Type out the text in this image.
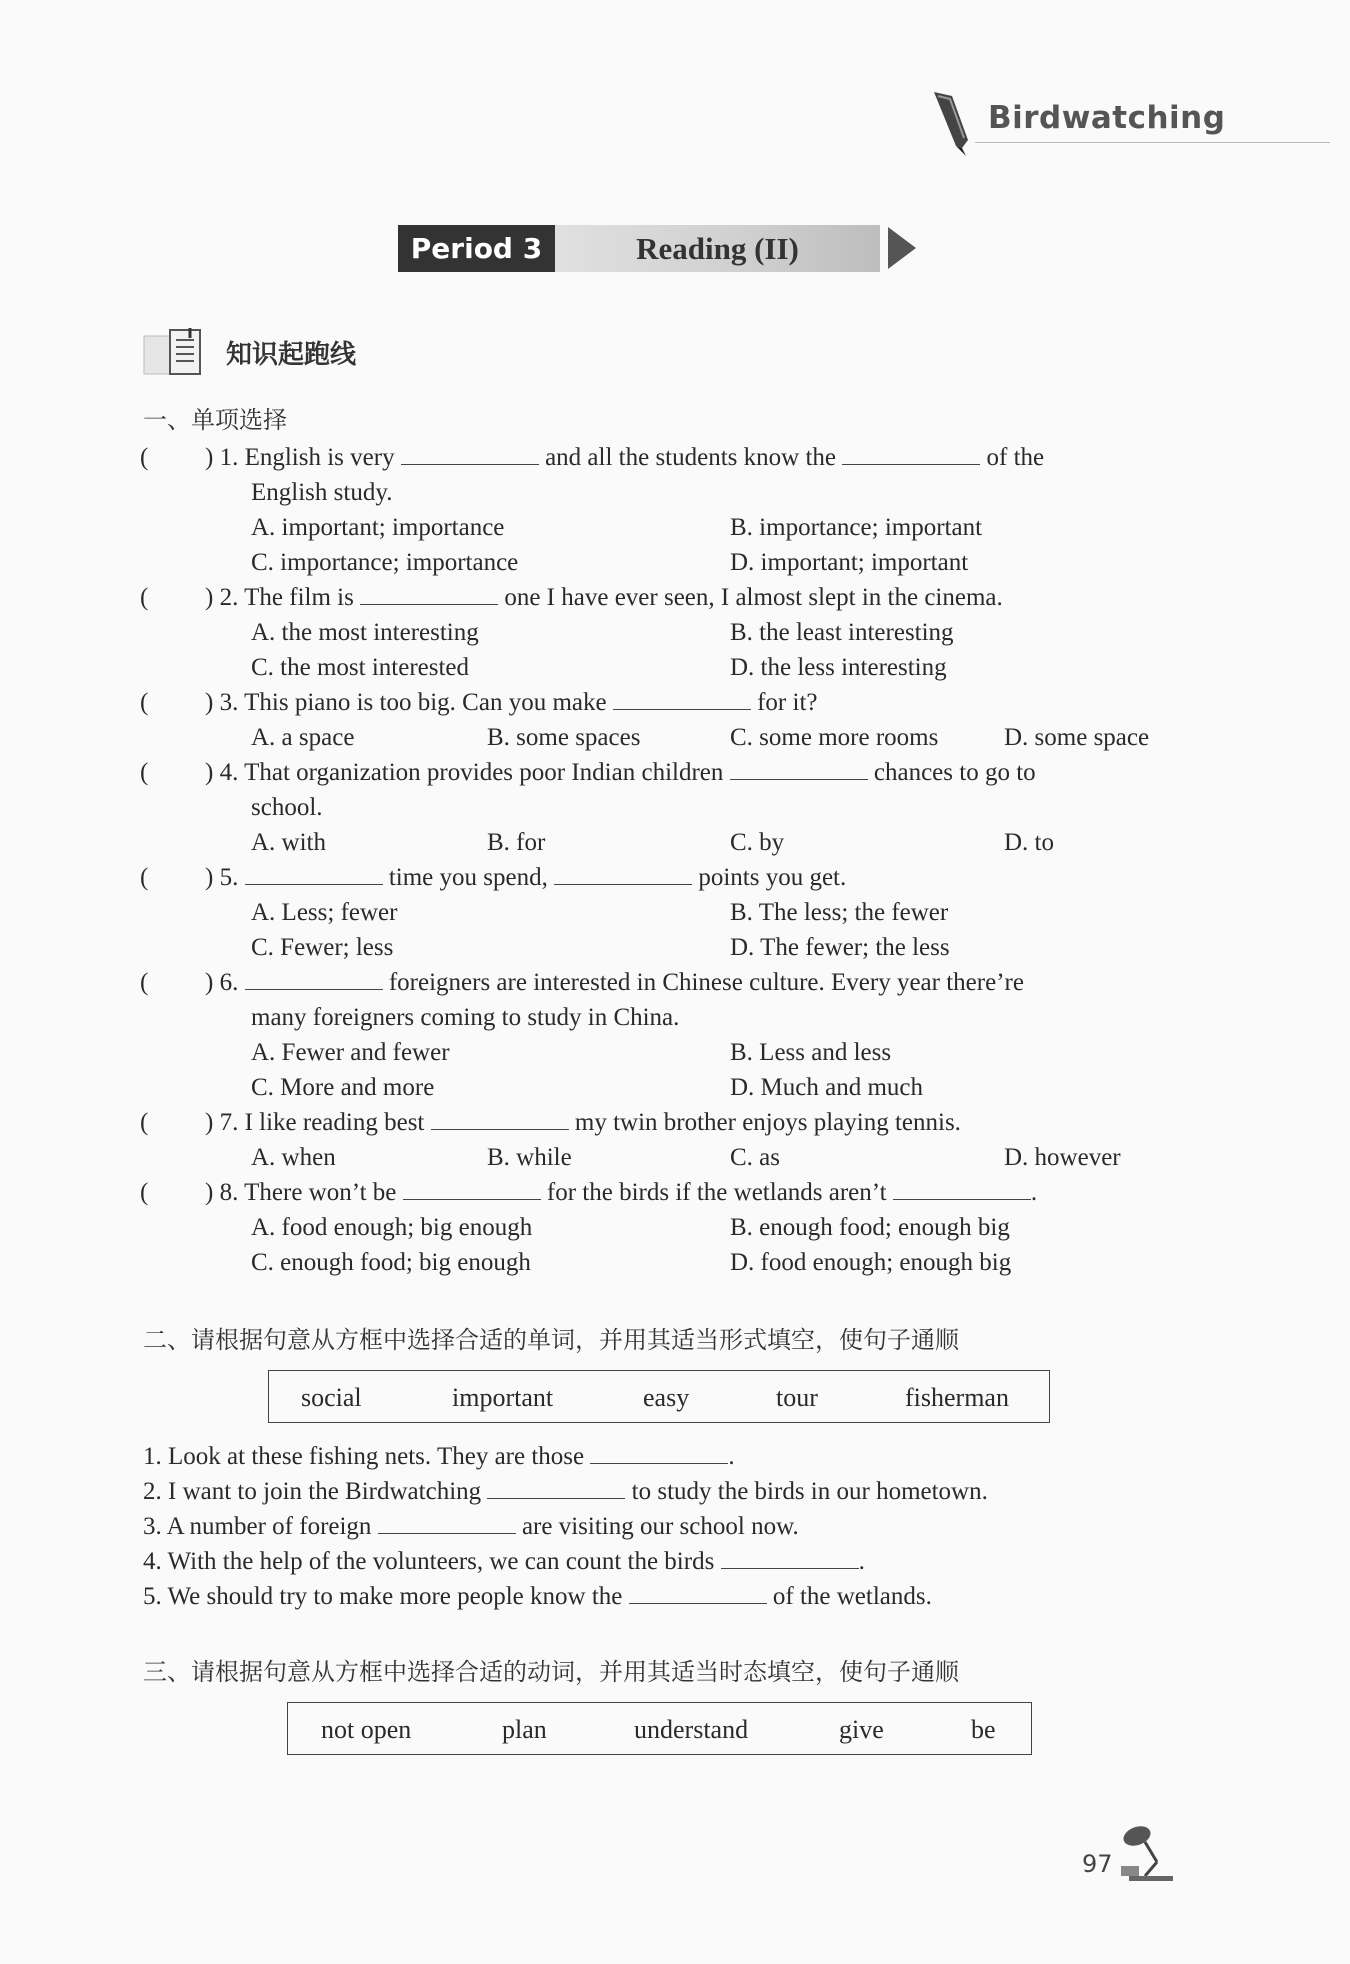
Birdwatching
Period 3	Reading (II)
知识起跑线
一、单项选择
( ) 1. English is very	and all the students know the	of the
English study.
A. important; importance	B. importance; important
C. importance; importance	D. important; important
( ) 2. The film is	one I have ever seen, I almost slept in the cinema.
A. the most interesting	B. the least interesting
C. the most interested	D. the less interesting
( ) 3. This piano is too big. Can you make	for it?
A. a space	B. some spaces	C. some more rooms	D. some space
( ) 4. That organization provides poor Indian children	chances to go to
school.
A. with	B. for	C. by	D. to
( ) 5.	time you spend,	points you get.
A. Less; fewer	B. The less; the fewer
C. Fewer; less	D. The fewer; the less
( ) 6.	foreigners are interested in Chinese culture. Every year there’re
many foreigners coming to study in China.
A. Fewer and fewer	B. Less and less
C. More and more	D. Much and much
( ) 7. I like reading best	my twin brother enjoys playing tennis.
A. when	B. while	C. as	D. however
( ) 8. There won’t be	for the birds if the wetlands aren’t	.
A. food enough; big enough	B. enough food; enough big
C. enough food; big enough	D. food enough; enough big
二、请根据句意从方框中选择合适的单词，并用其适当形式填空，使句子通顺
social	important	easy	tour	fisherman
1. Look at these fishing nets. They are those	.
2. I want to join the Birdwatching	to study the birds in our hometown.
3. A number of foreign	are visiting our school now.
4. With the help of the volunteers, we can count the birds	.
5. We should try to make more people know the	of the wetlands.
三、请根据句意从方框中选择合适的动词，并用其适当时态填空，使句子通顺
not open	plan	understand	give	be
97
